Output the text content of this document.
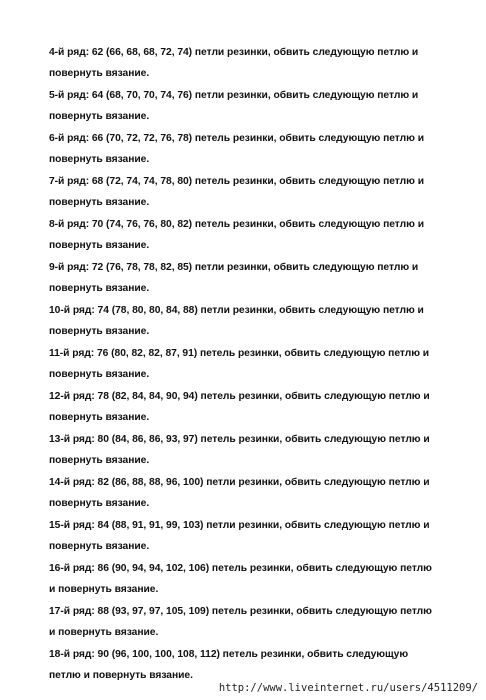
4-й ряд: 62 (66, 68, 68, 72, 74) петли резинки, обвить следующую петлю и

повернуть вязание.

5-й ряд: 64 (68, 70, 70, 74, 76) петли резинки, обвить следующую петлю и

повернуть вязание.

6-й ряд: 66 (70, 72, 72, 76, 78) петель резинки, обвить следующую петлю и

повернуть вязание.

7-й ряд: 68 (72, 74, 74, 78, 80) петель резинки, обвить следующую петлю и

повернуть вязание.

8-й ряд: 70 (74, 76, 76, 80, 82) петель резинки, обвить следующую петлю и

повернуть вязание.

9-й ряд: 72 (76, 78, 78, 82, 85) петли резинки, обвить следующую петлю и

повернуть вязание.

10-й ряд: 74 (78, 80, 80, 84, 88) петли резинки, обвить следующую петлю и

повернуть вязание.

11-й ряд: 76 (80, 82, 82, 87, 91) петель резинки, обвить следующую петлю и

повернуть вязание.

12-й ряд: 78 (82, 84, 84, 90, 94) петель резинки, обвить следующую петлю и

повернуть вязание.

13-й ряд: 80 (84, 86, 86, 93, 97) петель резинки, обвить следующую петлю и

повернуть вязание.

14-й ряд: 82 (86, 88, 88, 96, 100) петли резинки, обвить следующую петлю и

повернуть вязание.

15-й ряд: 84 (88, 91, 91, 99, 103) петли резинки, обвить следующую петлю и

повернуть вязание.

16-й ряд: 86 (90, 94, 94, 102, 106) петель резинки, обвить следующую петлю

и повернуть вязание.

17-й ряд: 88 (93, 97, 97, 105, 109) петель резинки, обвить следующую петлю

и повернуть вязание.

18-й ряд: 90 (96, 100, 100, 108, 112) петель резинки, обвить следующую

петлю и повернуть вязание.

http://www.liveinternet.ru/users/4511209/
